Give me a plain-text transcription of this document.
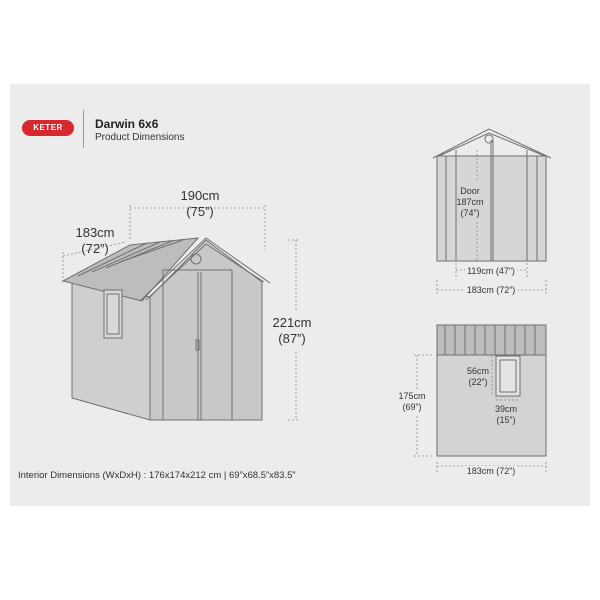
KETER	Darwin 6x6
Product Dimensions
190cm
(75”)
183cm
(72”)
221cm
(87”)
Door
187cm
(74”)
119cm (47”)
183cm (72”)
175cm
(69”)
56cm
(22”)
39cm
(15”)
183cm (72”)
Interior Dimensions (WxDxH) : 176x174x212 cm | 69”x68.5”x83.5”
